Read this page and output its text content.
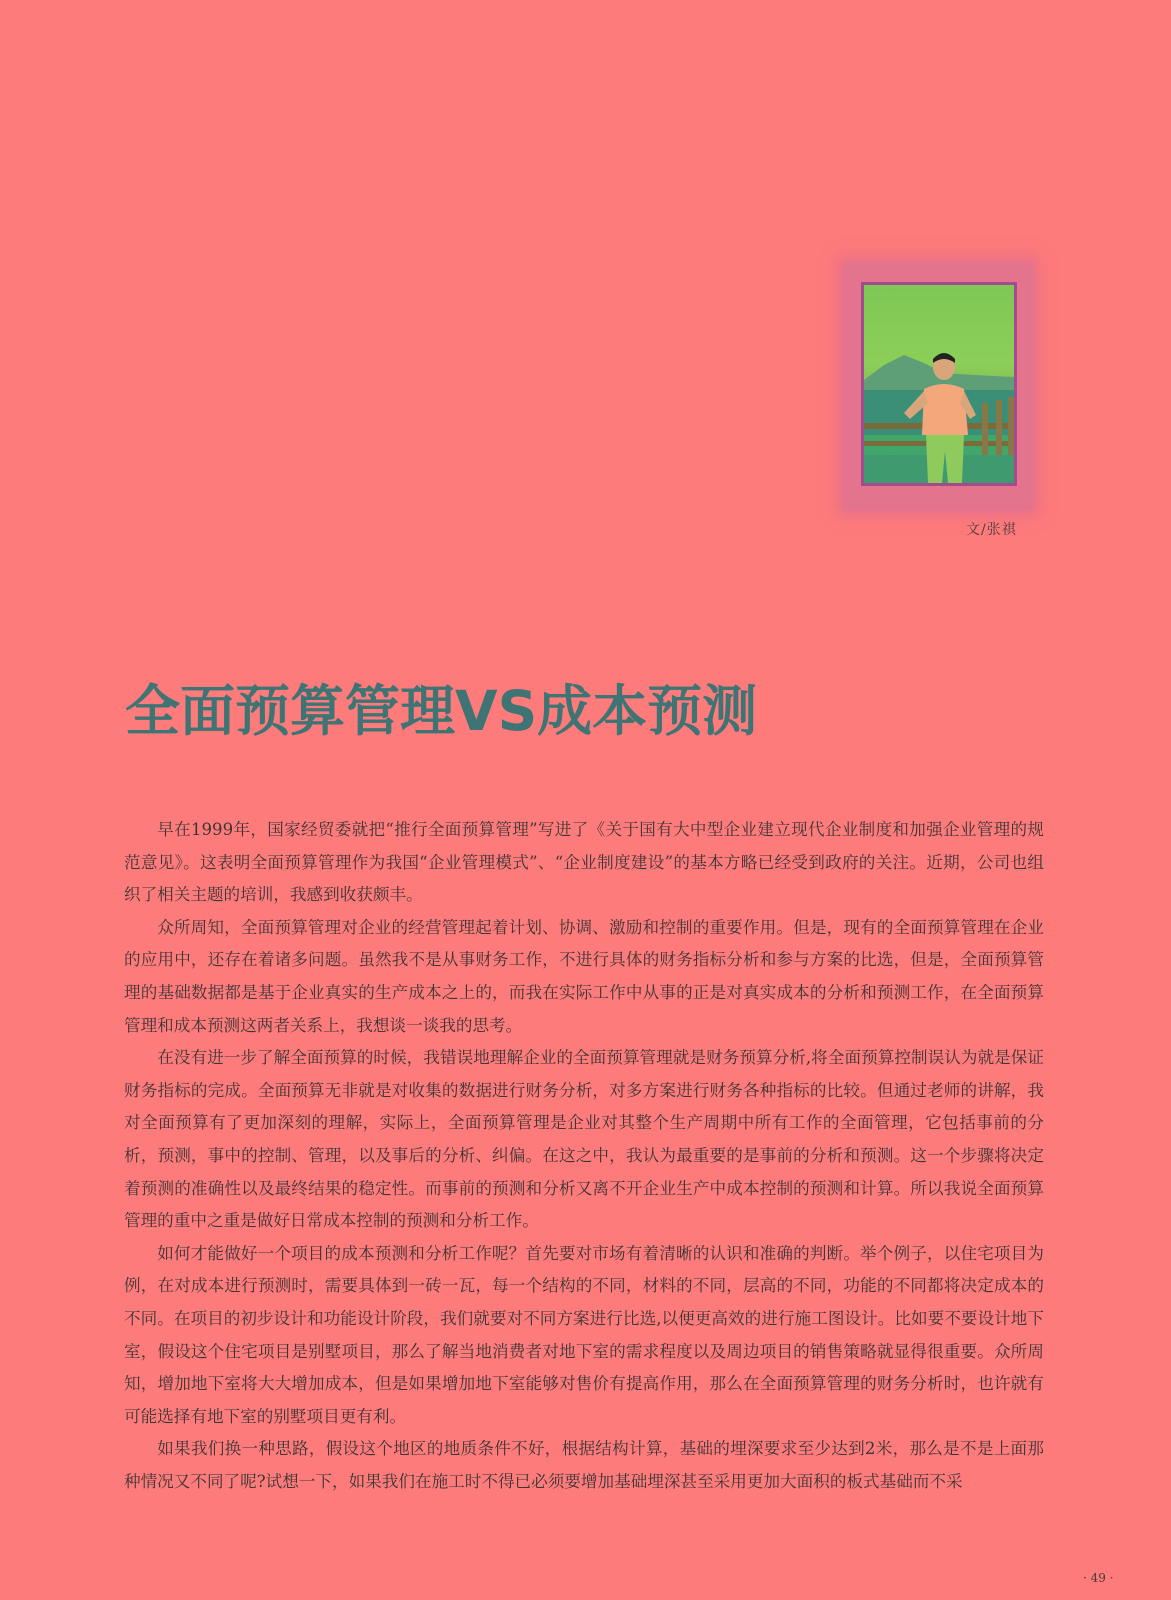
文/张祺
全面预算管理VS成本预测

早在1999年，国家经贸委就把“推行全面预算管理”写进了《关于国有大中型企业建立现代企业制度和加强企业管理的规范意见》。这表明全面预算管理作为我国“企业管理模式”、“企业制度建设”的基本方略已经受到政府的关注。近期，公司也组织了相关主题的培训，我感到收获颇丰。

众所周知，全面预算管理对企业的经营管理起着计划、协调、激励和控制的重要作用。但是，现有的全面预算管理在企业的应用中，还存在着诸多问题。虽然我不是从事财务工作，不进行具体的财务指标分析和参与方案的比选，但是，全面预算管理的基础数据都是基于企业真实的生产成本之上的，而我在实际工作中从事的正是对真实成本的分析和预测工作，在全面预算管理和成本预测这两者关系上，我想谈一谈我的思考。

在没有进一步了解全面预算的时候，我错误地理解企业的全面预算管理就是财务预算分析,将全面预算控制误认为就是保证财务指标的完成。全面预算无非就是对收集的数据进行财务分析，对多方案进行财务各种指标的比较。但通过老师的讲解，我对全面预算有了更加深刻的理解，实际上，全面预算管理是企业对其整个生产周期中所有工作的全面管理，它包括事前的分析，预测，事中的控制、管理，以及事后的分析、纠偏。在这之中，我认为最重要的是事前的分析和预测。这一个步骤将决定着预测的准确性以及最终结果的稳定性。而事前的预测和分析又离不开企业生产中成本控制的预测和计算。所以我说全面预算管理的重中之重是做好日常成本控制的预测和分析工作。

如何才能做好一个项目的成本预测和分析工作呢？首先要对市场有着清晰的认识和准确的判断。举个例子，以住宅项目为例，在对成本进行预测时，需要具体到一砖一瓦，每一个结构的不同，材料的不同，层高的不同，功能的不同都将决定成本的不同。在项目的初步设计和功能设计阶段，我们就要对不同方案进行比选,以便更高效的进行施工图设计。比如要不要设计地下室，假设这个住宅项目是别墅项目，那么了解当地消费者对地下室的需求程度以及周边项目的销售策略就显得很重要。众所周知，增加地下室将大大增加成本，但是如果增加地下室能够对售价有提高作用，那么在全面预算管理的财务分析时，也许就有可能选择有地下室的别墅项目更有利。

如果我们换一种思路，假设这个地区的地质条件不好，根据结构计算，基础的埋深要求至少达到2米，那么是不是上面那种情况又不同了呢?试想一下，如果我们在施工时不得已必须要增加基础埋深甚至采用更加大面积的板式基础而不采

· 49 ·
